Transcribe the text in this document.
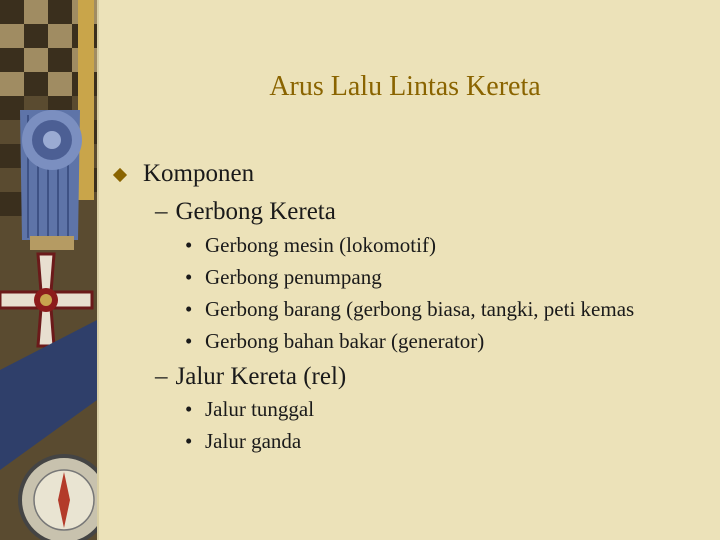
Arus Lalu Lintas Kereta
Komponen
– Gerbong Kereta
• Gerbong mesin (lokomotif)
• Gerbong penumpang
• Gerbong barang (gerbong biasa, tangki, peti kemas
• Gerbong bahan bakar (generator)
– Jalur Kereta (rel)
• Jalur tunggal
• Jalur ganda
